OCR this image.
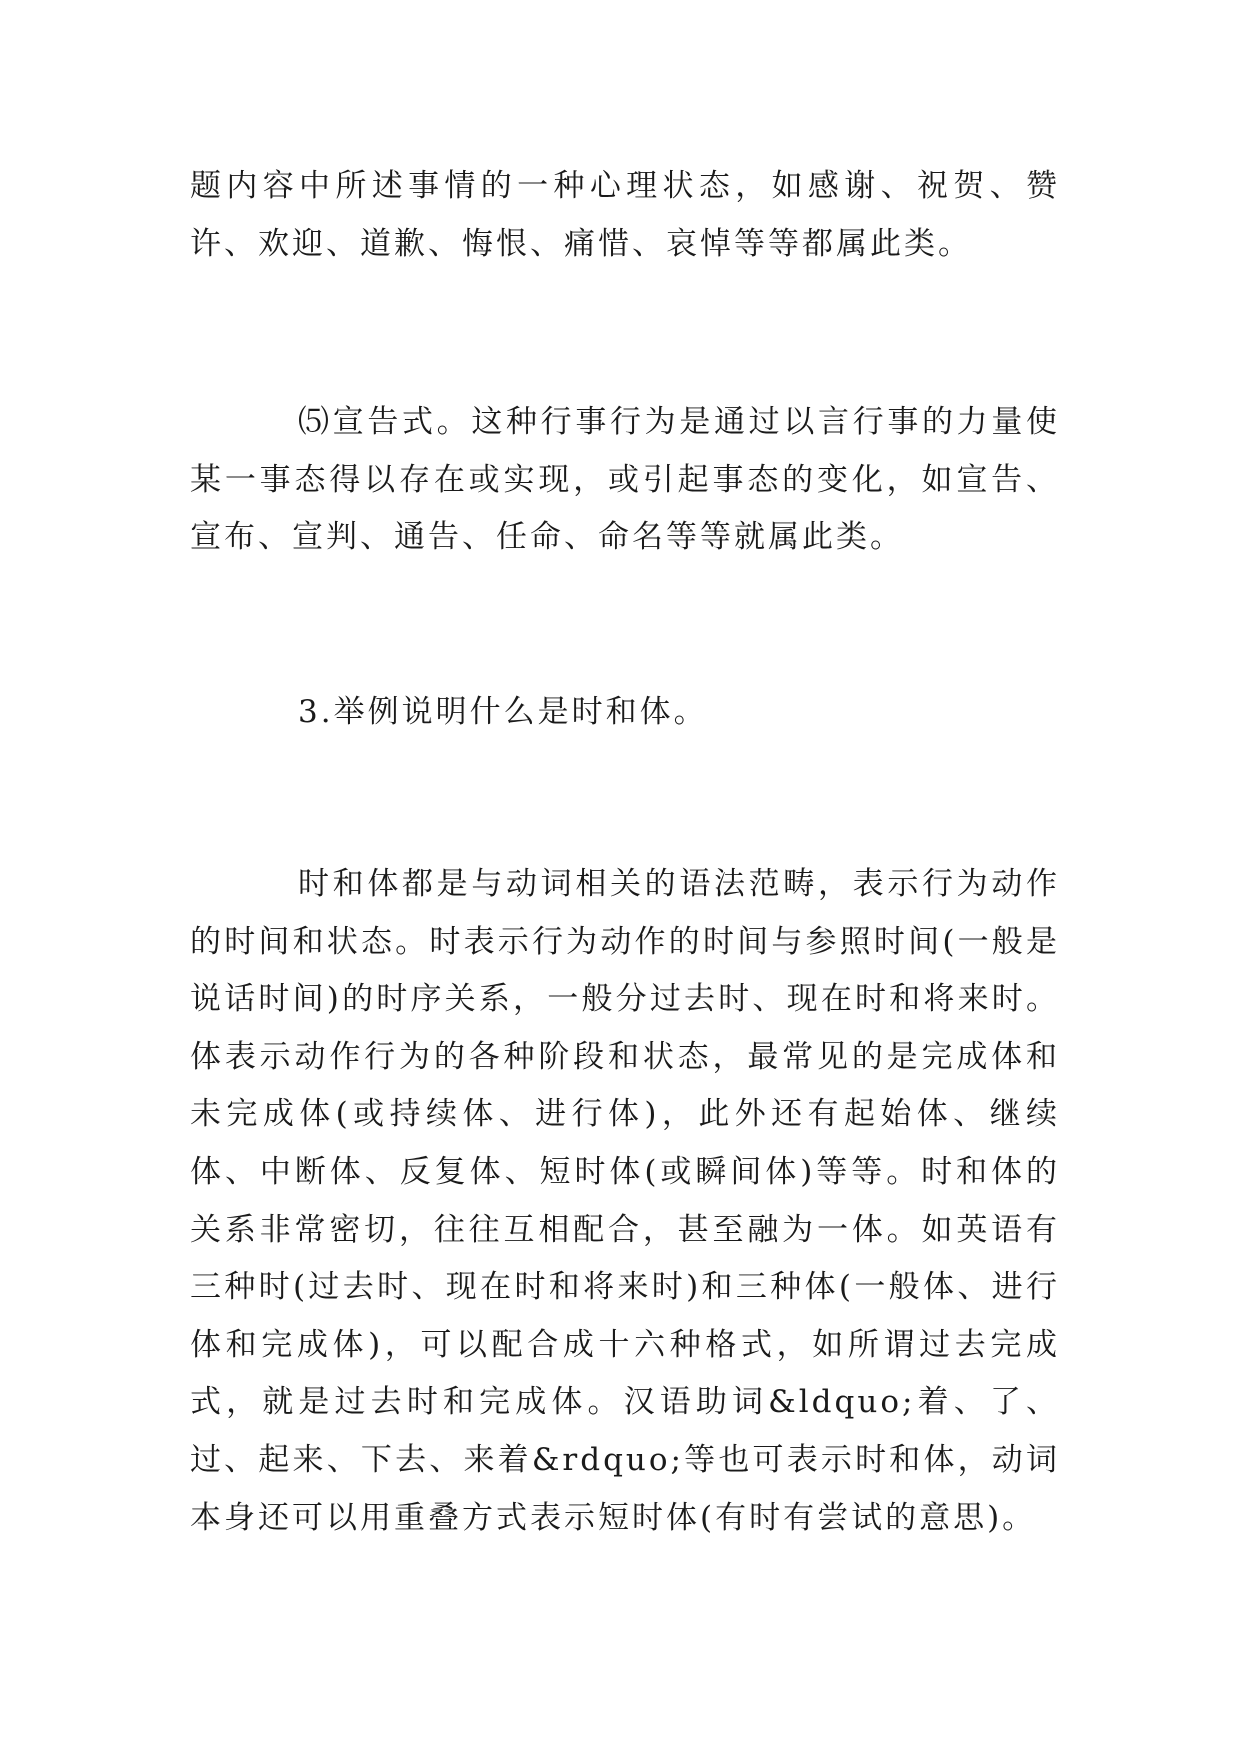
题内容中所述事情的一种心理状态，如感谢、祝贺、赞许、欢迎、道歉、悔恨、痛惜、哀悼等等都属此类。

⑸宣告式。这种行事行为是通过以言行事的力量使某一事态得以存在或实现，或引起事态的变化，如宣告、宣布、宣判、通告、任命、命名等等就属此类。

3.举例说明什么是时和体。

时和体都是与动词相关的语法范畴，表示行为动作的时间和状态。时表示行为动作的时间与参照时间(一般是说话时间)的时序关系，一般分过去时、现在时和将来时。体表示动作行为的各种阶段和状态，最常见的是完成体和未完成体(或持续体、进行体)，此外还有起始体、继续体、中断体、反复体、短时体(或瞬间体)等等。时和体的关系非常密切，往往互相配合，甚至融为一体。如英语有三种时(过去时、现在时和将来时)和三种体(一般体、进行体和完成体)，可以配合成十六种格式，如所谓过去完成式，就是过去时和完成体。汉语助词&ldquo;着、了、过、起来、下去、来着&rdquo;等也可表示时和体，动词本身还可以用重叠方式表示短时体(有时有尝试的意思)。
